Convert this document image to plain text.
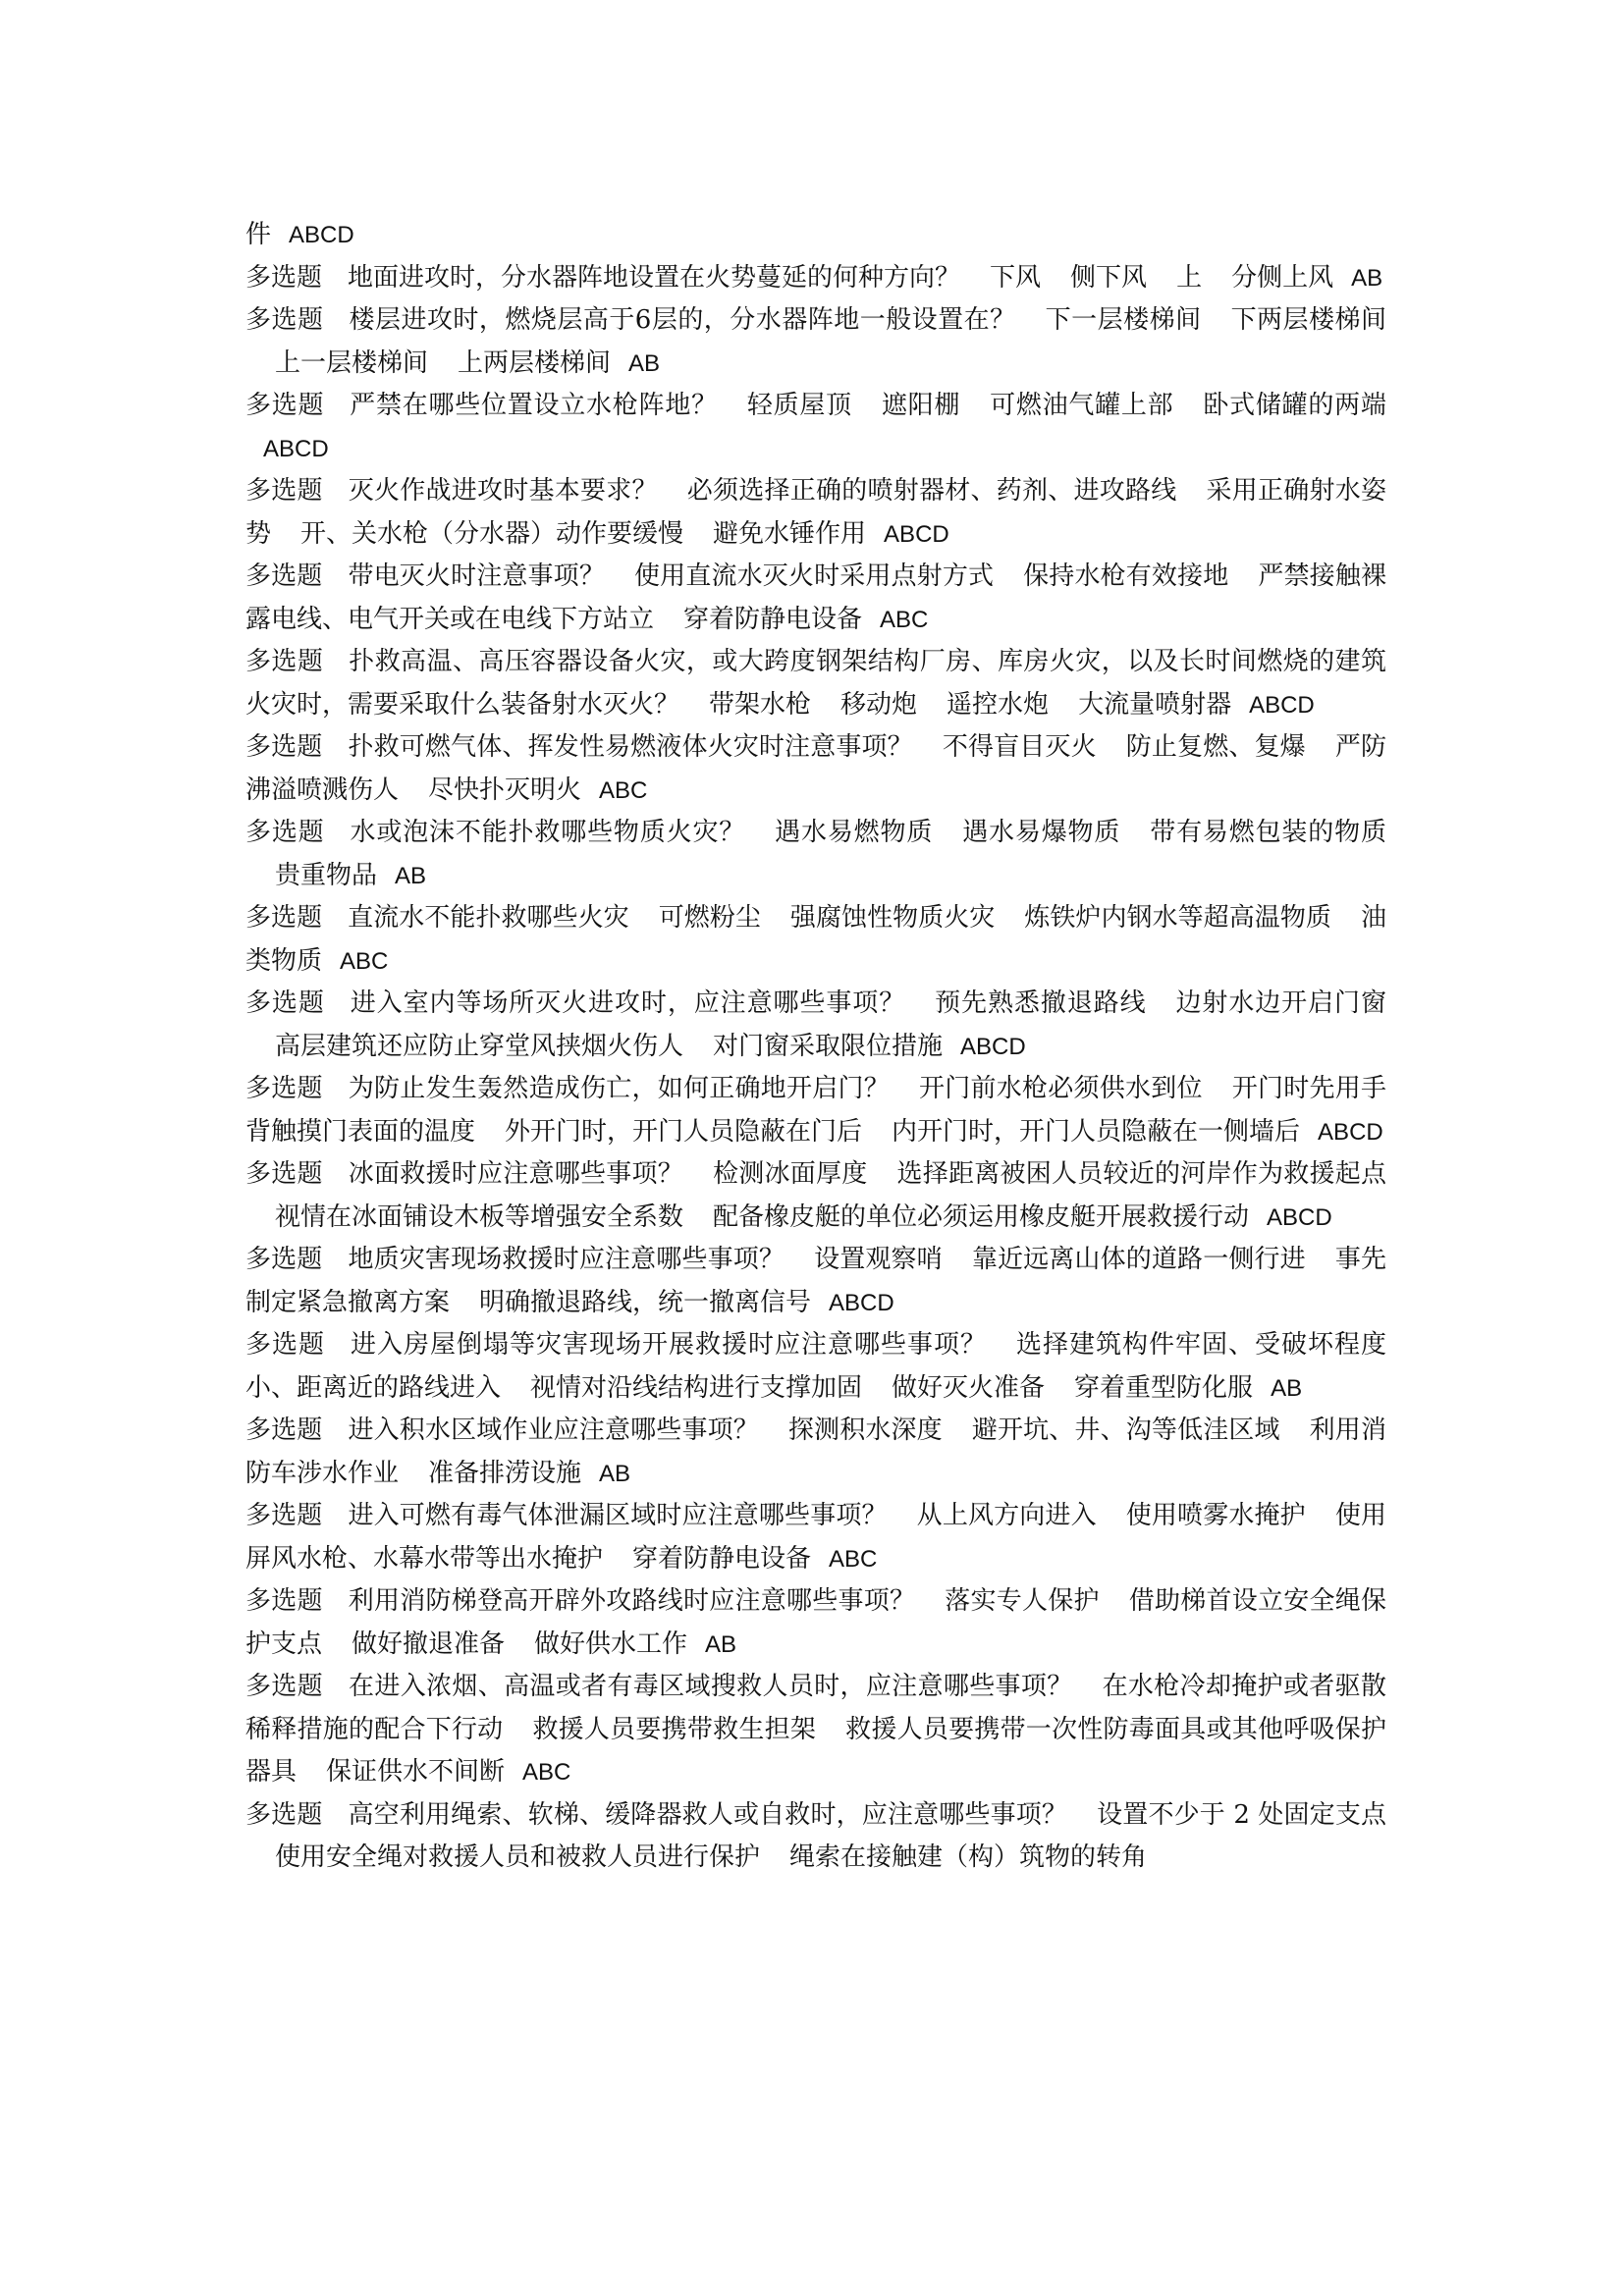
件 ABCD

多选题 地面进攻时，分水器阵地设置在火势蔓延的何种方向？ 下风 侧下风 上 分侧上风 AB

多选题 楼层进攻时，燃烧层高于6层的，分水器阵地一般设置在？ 下一层楼梯间 下两层楼梯间上一层楼梯间 上两层楼梯间 AB

多选题 严禁在哪些位置设立水枪阵地？ 轻质屋顶 遮阳棚 可燃油气罐上部 卧式储罐的两端ABCD

多选题 灭火作战进攻时基本要求？ 必须选择正确的喷射器材、药剂、进攻路线 采用正确射水姿势 开、关水枪（分水器）动作要缓慢 避免水锤作用 ABCD

多选题 带电灭火时注意事项？ 使用直流水灭火时采用点射方式 保持水枪有效接地 严禁接触裸露电线、电气开关或在电线下方站立 穿着防静电设备 ABC

多选题 扑救高温、高压容器设备火灾，或大跨度钢架结构厂房、库房火灾，以及长时间燃烧的建筑火灾时，需要采取什么装备射水灭火？ 带架水枪 移动炮 遥控水炮 大流量喷射器 ABCD

多选题 扑救可燃气体、挥发性易燃液体火灾时注意事项？ 不得盲目灭火 防止复燃、复爆 严防沸溢喷溅伤人 尽快扑灭明火 ABC

多选题 水或泡沫不能扑救哪些物质火灾？ 遇水易燃物质 遇水易爆物质 带有易燃包装的物质贵重物品 AB

多选题 直流水不能扑救哪些火灾 可燃粉尘 强腐蚀性物质火灾 炼铁炉内钢水等超高温物质 油类物质 ABC

多选题 进入室内等场所灭火进攻时，应注意哪些事项？ 预先熟悉撤退路线 边射水边开启门窗高层建筑还应防止穿堂风挟烟火伤人 对门窗采取限位措施 ABCD

多选题 为防止发生轰然造成伤亡，如何正确地开启门？ 开门前水枪必须供水到位 开门时先用手背触摸门表面的温度 外开门时，开门人员隐蔽在门后 内开门时，开门人员隐蔽在一侧墙后 ABCD

多选题 冰面救援时应注意哪些事项？ 检测冰面厚度 选择距离被困人员较近的河岸作为救援起点视情在冰面铺设木板等增强安全系数 配备橡皮艇的单位必须运用橡皮艇开展救援行动 ABCD

多选题 地质灾害现场救援时应注意哪些事项？ 设置观察哨 靠近远离山体的道路一侧行进 事先制定紧急撤离方案 明确撤退路线，统一撤离信号 ABCD

多选题 进入房屋倒塌等灾害现场开展救援时应注意哪些事项？ 选择建筑构件牢固、受破坏程度小、距离近的路线进入 视情对沿线结构进行支撑加固 做好灭火准备 穿着重型防化服 AB

多选题 进入积水区域作业应注意哪些事项？ 探测积水深度 避开坑、井、沟等低洼区域 利用消防车涉水作业 准备排涝设施 AB

多选题 进入可燃有毒气体泄漏区域时应注意哪些事项？ 从上风方向进入 使用喷雾水掩护 使用屏风水枪、水幕水带等出水掩护 穿着防静电设备 ABC

多选题 利用消防梯登高开辟外攻路线时应注意哪些事项？ 落实专人保护 借助梯首设立安全绳保护支点 做好撤退准备 做好供水工作 AB

多选题 在进入浓烟、高温或者有毒区域搜救人员时，应注意哪些事项？ 在水枪冷却掩护或者驱散稀释措施的配合下行动 救援人员要携带救生担架 救援人员要携带一次性防毒面具或其他呼吸保护器具 保证供水不间断 ABC

多选题 高空利用绳索、软梯、缓降器救人或自救时，应注意哪些事项？ 设置不少于 2 处固定支点使用安全绳对救援人员和被救人员进行保护 绳索在接触建（构）筑物的转角
